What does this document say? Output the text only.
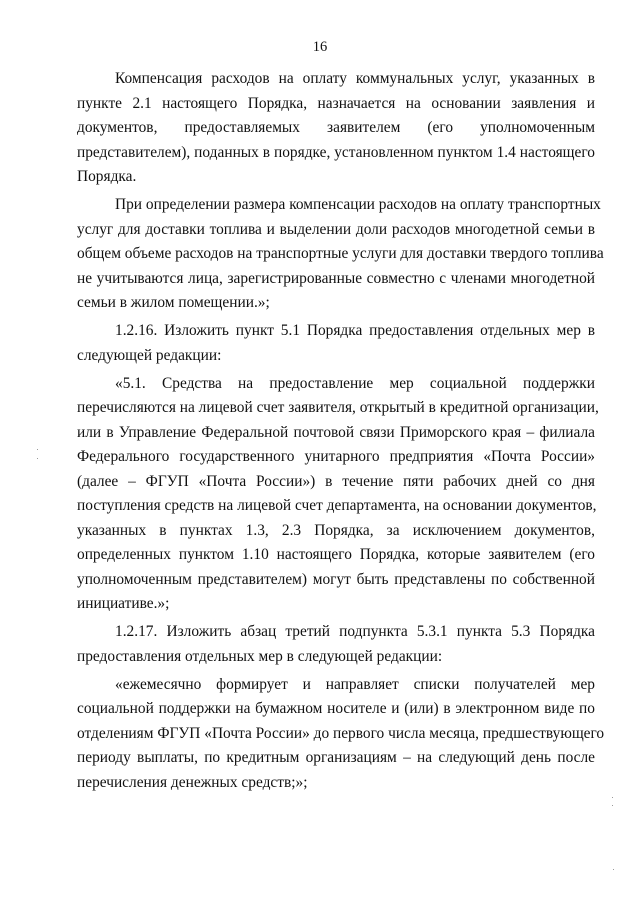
16

Компенсация расходов на оплату коммунальных услуг, указанных в
пункте 2.1 настоящего Порядка, назначается на основании заявления и
документов, предоставляемых заявителем (его уполномоченным
представителем), поданных в порядке, установленном пунктом 1.4 настоящего
Порядка.

При определении размера компенсации расходов на оплату транспортных
услуг для доставки топлива и выделении доли расходов многодетной семьи в
общем объеме расходов на транспортные услуги для доставки твердого топлива
не учитываются лица, зарегистрированные совместно с членами многодетной
семьи в жилом помещении.»;

1.2.16. Изложить пункт 5.1 Порядка предоставления отдельных мер в
следующей редакции:

«5.1. Средства на предоставление мер социальной поддержки
перечисляются на лицевой счет заявителя, открытый в кредитной организации,
или в Управление Федеральной почтовой связи Приморского края – филиала
Федерального государственного унитарного предприятия «Почта России»
(далее – ФГУП «Почта России») в течение пяти рабочих дней со дня
поступления средств на лицевой счет департамента, на основании документов,
указанных в пунктах 1.3, 2.3 Порядка, за исключением документов,
определенных пунктом 1.10 настоящего Порядка, которые заявителем (его
уполномоченным представителем) могут быть представлены по собственной
инициативе.»;

1.2.17. Изложить абзац третий подпункта 5.3.1 пункта 5.3 Порядка
предоставления отдельных мер в следующей редакции:

«ежемесячно формирует и направляет списки получателей мер
социальной поддержки на бумажном носителе и (или) в электронном виде по
отделениям ФГУП «Почта России» до первого числа месяца, предшествующего
периоду выплаты, по кредитным организациям – на следующий день после
перечисления денежных средств;»;
